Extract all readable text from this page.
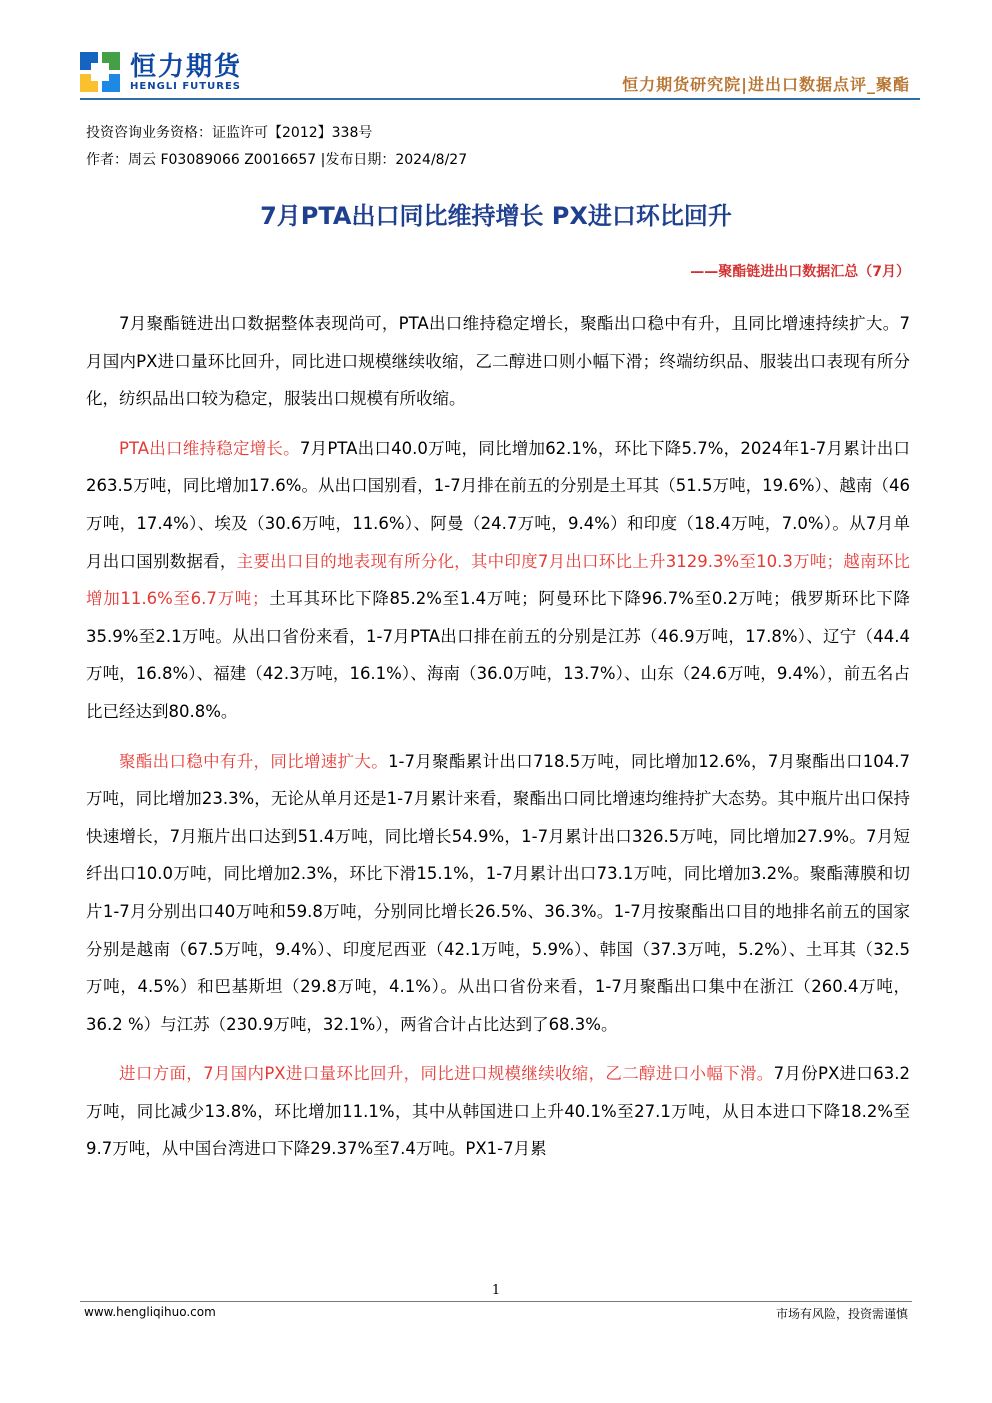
恒力期货
HENGLI FUTURES	恒力期货研究院|进出口数据点评_聚酯
投资咨询业务资格：证监许可【2012】338号
作者：周云 F03089066 Z0016657 |发布日期：2024/8/27
7月PTA出口同比维持增长 PX进口环比回升
——聚酯链进出口数据汇总（7月）

7月聚酯链进出口数据整体表现尚可，PTA出口维持稳定增长，聚酯出口稳中有升，且同比增速持续扩大。7月国内PX进口量环比回升，同比进口规模继续收缩，乙二醇进口则小幅下滑；终端纺织品、服装出口表现有所分化，纺织品出口较为稳定，服装出口规模有所收缩。

PTA出口维持稳定增长。7月PTA出口40.0万吨，同比增加62.1%，环比下降5.7%，2024年1-7月累计出口263.5万吨，同比增加17.6%。从出口国别看，1-7月排在前五的分别是土耳其（51.5万吨，19.6%）、越南（46万吨，17.4%）、埃及（30.6万吨，11.6%）、阿曼（24.7万吨，9.4%）和印度（18.4万吨，7.0%）。从7月单月出口国别数据看，主要出口目的地表现有所分化，其中印度7月出口环比上升3129.3%至10.3万吨；越南环比增加11.6%至6.7万吨；土耳其环比下降85.2%至1.4万吨；阿曼环比下降96.7%至0.2万吨；俄罗斯环比下降35.9%至2.1万吨。从出口省份来看，1-7月PTA出口排在前五的分别是江苏（46.9万吨，17.8%）、辽宁（44.4万吨，16.8%）、福建（42.3万吨，16.1%）、海南（36.0万吨，13.7%）、山东（24.6万吨，9.4%），前五名占比已经达到80.8%。

聚酯出口稳中有升，同比增速扩大。1-7月聚酯累计出口718.5万吨，同比增加12.6%，7月聚酯出口104.7万吨，同比增加23.3%，无论从单月还是1-7月累计来看，聚酯出口同比增速均维持扩大态势。其中瓶片出口保持快速增长，7月瓶片出口达到51.4万吨，同比增长54.9%，1-7月累计出口326.5万吨，同比增加27.9%。7月短纤出口10.0万吨，同比增加2.3%，环比下滑15.1%，1-7月累计出口73.1万吨，同比增加3.2%。聚酯薄膜和切片1-7月分别出口40万吨和59.8万吨，分别同比增长26.5%、36.3%。1-7月按聚酯出口目的地排名前五的国家分别是越南（67.5万吨，9.4%）、印度尼西亚（42.1万吨，5.9%）、韩国（37.3万吨，5.2%）、土耳其（32.5万吨，4.5%）和巴基斯坦（29.8万吨，4.1%）。从出口省份来看，1-7月聚酯出口集中在浙江（260.4万吨，36.2 %）与江苏（230.9万吨，32.1%），两省合计占比达到了68.3%。

进口方面，7月国内PX进口量环比回升，同比进口规模继续收缩，乙二醇进口小幅下滑。7月份PX进口63.2万吨，同比减少13.8%，环比增加11.1%，其中从韩国进口上升40.1%至27.1万吨，从日本进口下降18.2%至9.7万吨，从中国台湾进口下降29.37%至7.4万吨。PX1-7月累

1
www.hengliqihuo.com	市场有风险，投资需谨慎
